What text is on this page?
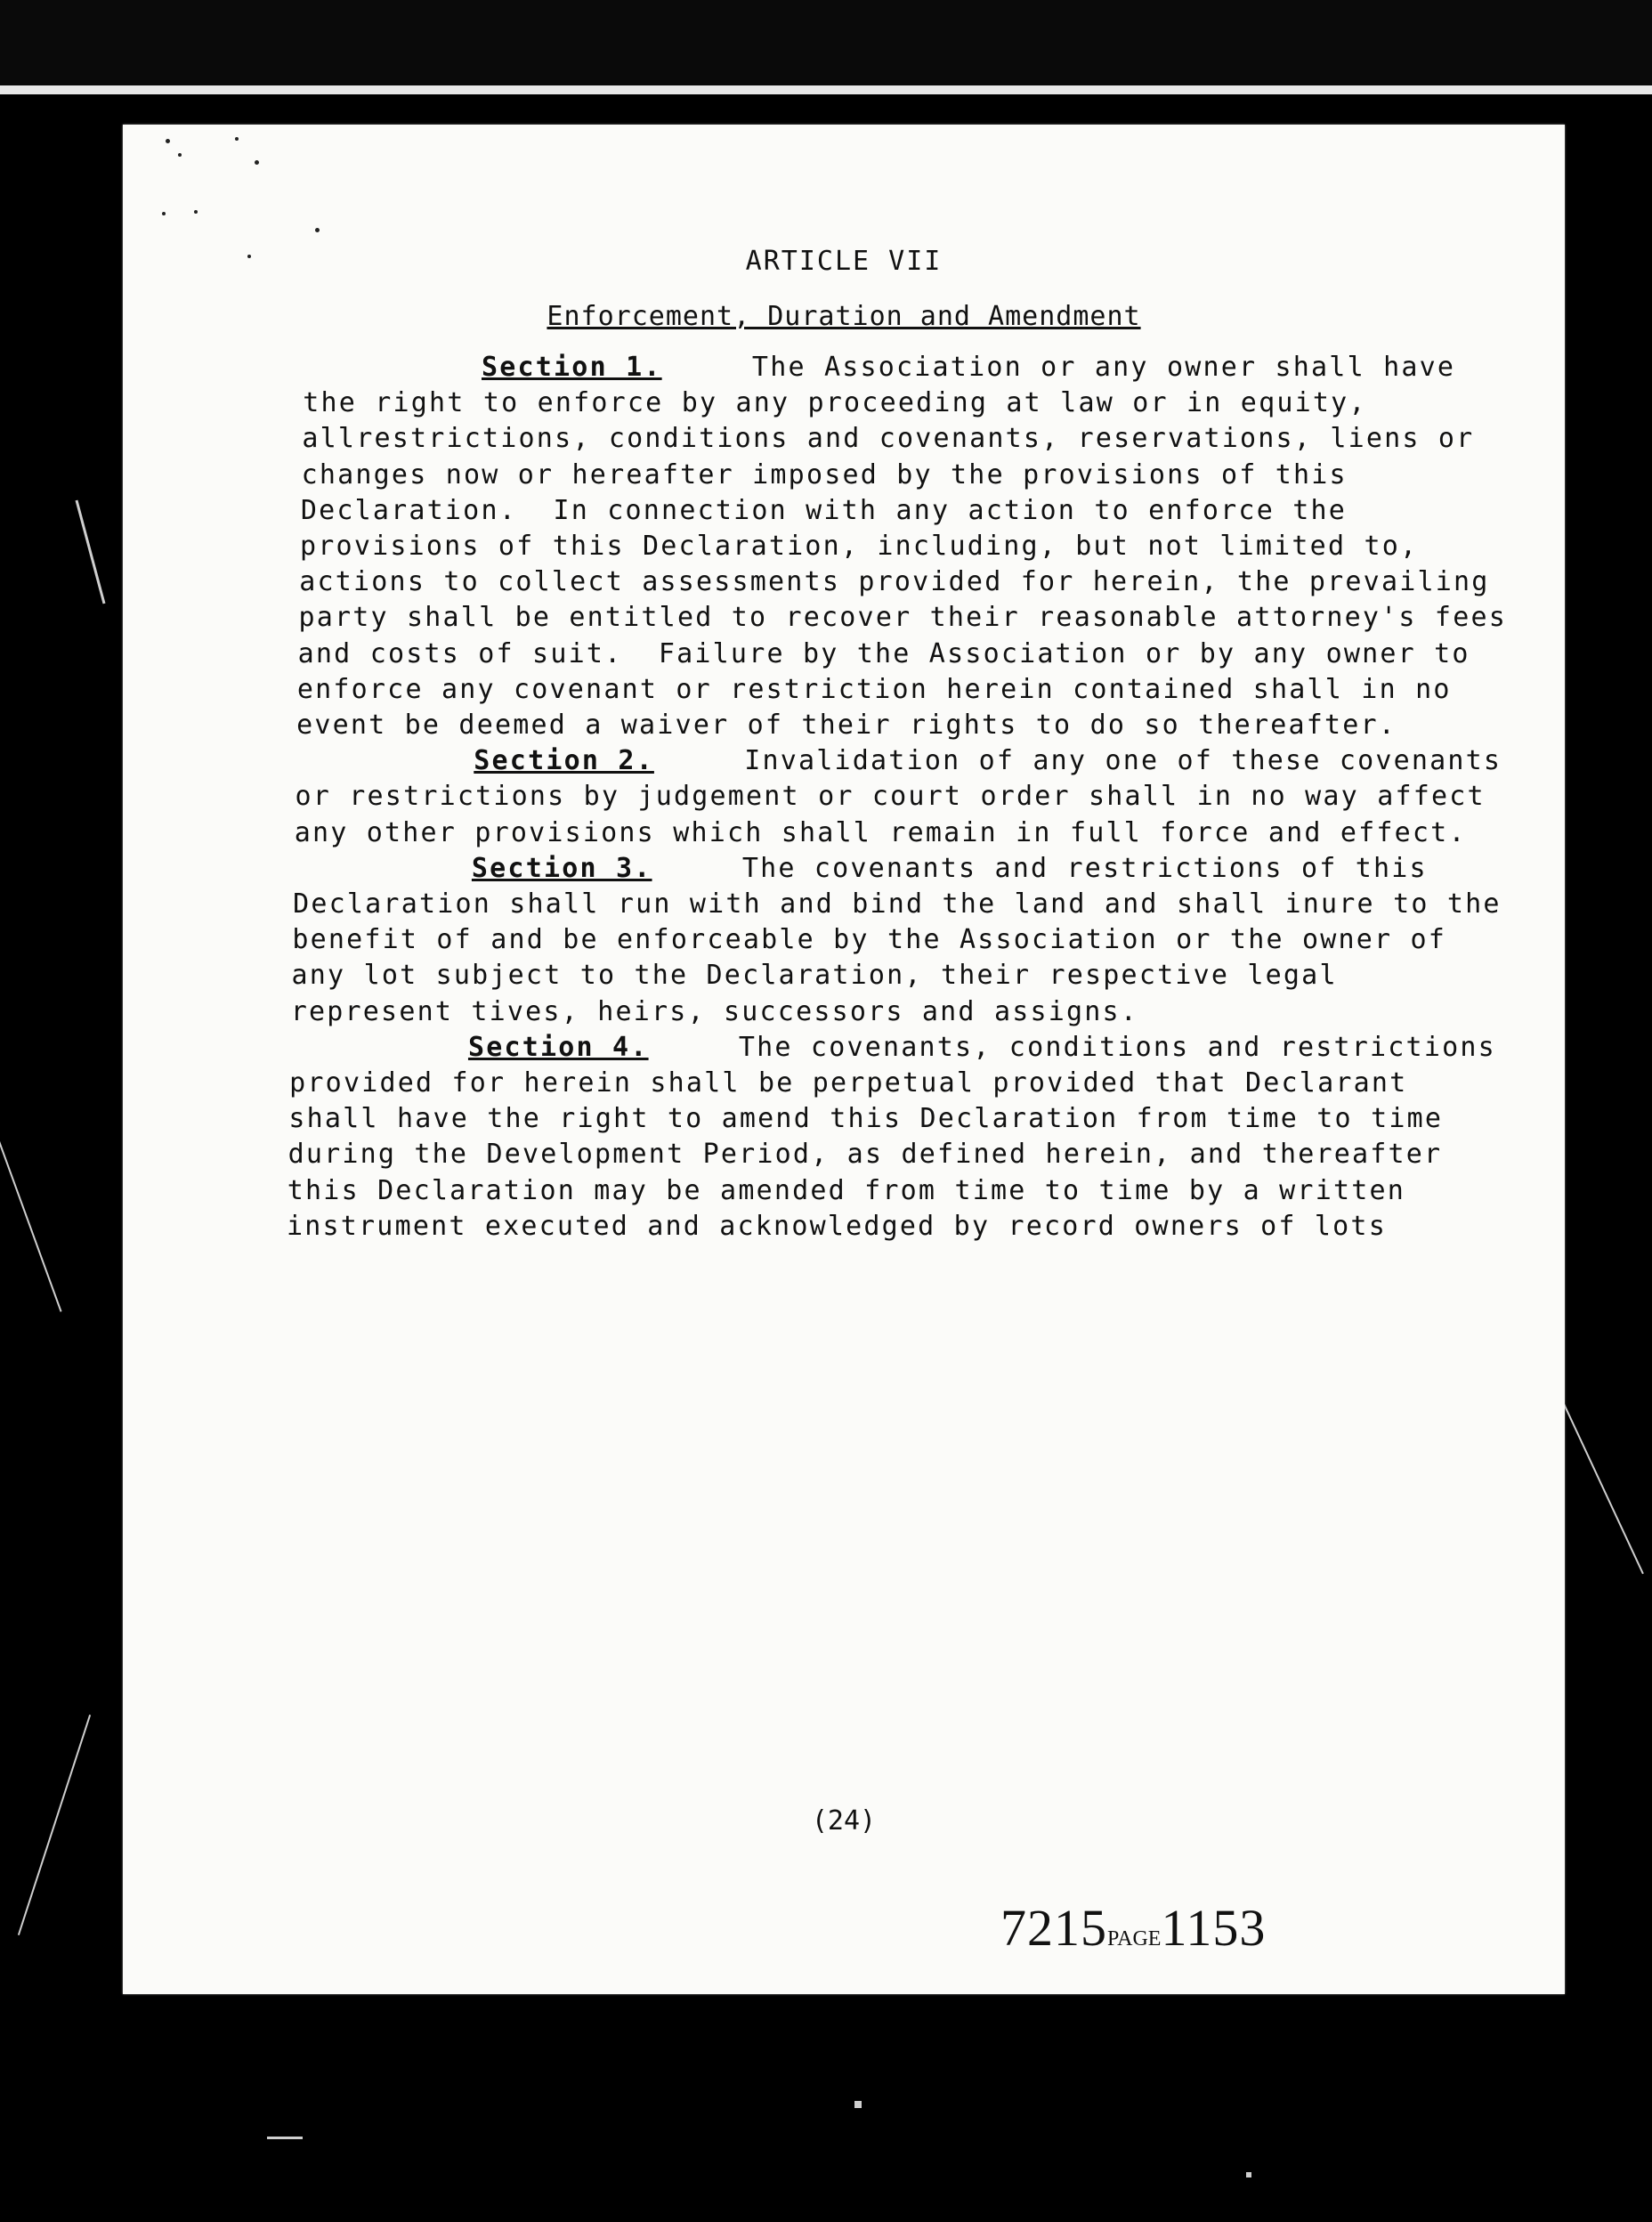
ARTICLE VII
Enforcement, Duration and Amendment
Section 1.     The Association or any owner shall have
the right to enforce by any proceeding at law or in equity,
allrestrictions, conditions and covenants, reservations, liens or
changes now or hereafter imposed by the provisions of this
Declaration.  In connection with any action to enforce the
provisions of this Declaration, including, but not limited to,
actions to collect assessments provided for herein, the prevailing
party shall be entitled to recover their reasonable attorney's fees
and costs of suit.  Failure by the Association or by any owner to
enforce any covenant or restriction herein contained shall in no
event be deemed a waiver of their rights to do so thereafter.
Section 2.     Invalidation of any one of these covenants
or restrictions by judgement or court order shall in no way affect
any other provisions which shall remain in full force and effect.
Section 3.     The covenants and restrictions of this
Declaration shall run with and bind the land and shall inure to the
benefit of and be enforceable by the Association or the owner of
any lot subject to the Declaration, their respective legal
represent tives, heirs, successors and assigns.
Section 4.     The covenants, conditions and restrictions
provided for herein shall be perpetual provided that Declarant
shall have the right to amend this Declaration from time to time
during the Development Period, as defined herein, and thereafter
this Declaration may be amended from time to time by a written
instrument executed and acknowledged by record owners of lots
(24)
7215PAGE1153
